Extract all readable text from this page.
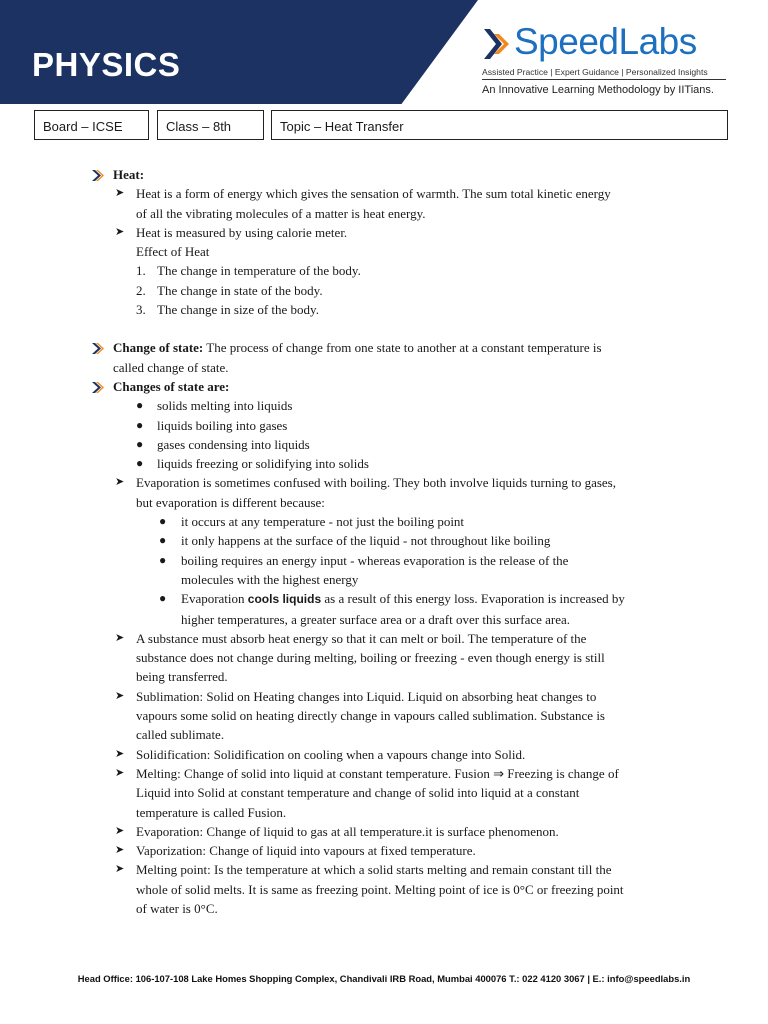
PHYSICS
SpeedLabs
Assisted Practice | Expert Guidance | Personalized Insights
An Innovative Learning Methodology by IITians.
Board – ICSE	Class – 8th	Topic – Heat Transfer
Heat:
➤ Heat is a form of energy which gives the sensation of warmth. The sum total kinetic energy
of all the vibrating molecules of a matter is heat energy.
➤ Heat is measured by using calorie meter.
Effect of Heat
1. The change in temperature of the body.
2. The change in state of the body.
3. The change in size of the body.
Change of state: The process of change from one state to another at a constant temperature is
called change of state.
Changes of state are:
● solids melting into liquids
● liquids boiling into gases
● gases condensing into liquids
● liquids freezing or solidifying into solids
➤ Evaporation is sometimes confused with boiling. They both involve liquids turning to gases,
but evaporation is different because:
● it occurs at any temperature - not just the boiling point
● it only happens at the surface of the liquid - not throughout like boiling
● boiling requires an energy input - whereas evaporation is the release of the
molecules with the highest energy
● Evaporation cools liquids as a result of this energy loss. Evaporation is increased by
higher temperatures, a greater surface area or a draft over this surface area.
➤ A substance must absorb heat energy so that it can melt or boil. The temperature of the
substance does not change during melting, boiling or freezing - even though energy is still
being transferred.
➤ Sublimation: Solid on Heating changes into Liquid. Liquid on absorbing heat changes to
vapours some solid on heating directly change in vapours called sublimation. Substance is
called sublimate.
➤ Solidification: Solidification on cooling when a vapours change into Solid.
➤ Melting: Change of solid into liquid at constant temperature. Fusion ⇒ Freezing is change of
Liquid into Solid at constant temperature and change of solid into liquid at a constant
temperature is called Fusion.
➤ Evaporation: Change of liquid to gas at all temperature.it is surface phenomenon.
➤ Vaporization: Change of liquid into vapours at fixed temperature.
➤ Melting point: Is the temperature at which a solid starts melting and remain constant till the
whole of solid melts. It is same as freezing point. Melting point of ice is 0°C or freezing point
of water is 0°C.
Head Office: 106-107-108 Lake Homes Shopping Complex, Chandivali IRB Road, Mumbai 400076 T.: 022 4120 3067 | E.: info@speedlabs.in
